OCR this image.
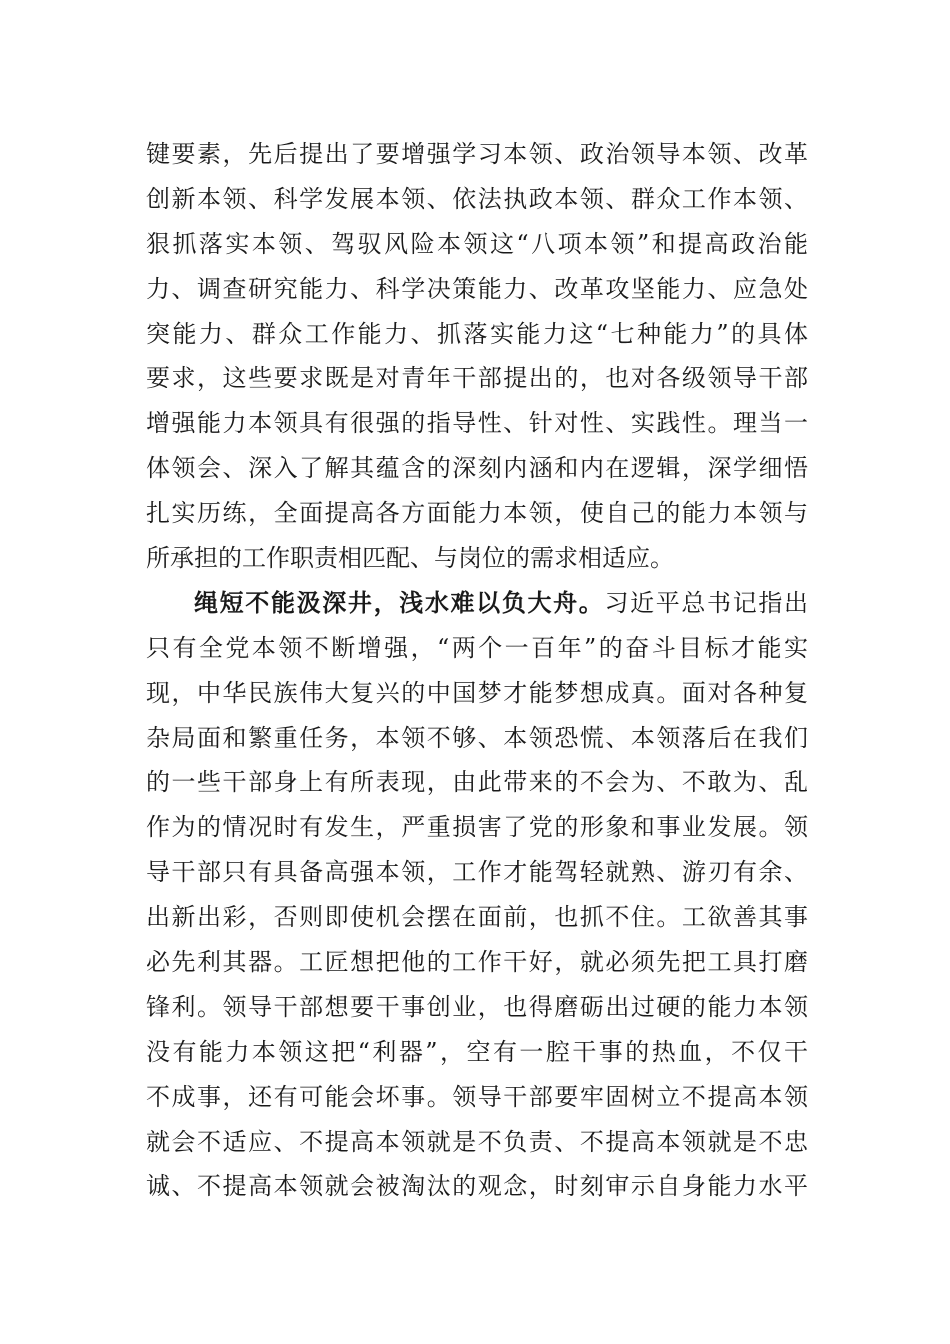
键要素，先后提出了要增强学习本领、政治领导本领、改革
创新本领、科学发展本领、依法执政本领、群众工作本领、
狠抓落实本领、驾驭风险本领这“八项本领”和提高政治能
力、调查研究能力、科学决策能力、改革攻坚能力、应急处
突能力、群众工作能力、抓落实能力这“七种能力”的具体
要求，这些要求既是对青年干部提出的，也对各级领导干部
增强能力本领具有很强的指导性、针对性、实践性。理当一
体领会、深入了解其蕴含的深刻内涵和内在逻辑，深学细悟
扎实历练，全面提高各方面能力本领，使自己的能力本领与
所承担的工作职责相匹配、与岗位的需求相适应。
绳短不能汲深井，浅水难以负大舟。习近平总书记指出
只有全党本领不断增强，“两个一百年”的奋斗目标才能实
现，中华民族伟大复兴的中国梦才能梦想成真。面对各种复
杂局面和繁重任务，本领不够、本领恐慌、本领落后在我们
的一些干部身上有所表现，由此带来的不会为、不敢为、乱
作为的情况时有发生，严重损害了党的形象和事业发展。领
导干部只有具备高强本领，工作才能驾轻就熟、游刃有余、
出新出彩，否则即使机会摆在面前，也抓不住。工欲善其事
必先利其器。工匠想把他的工作干好，就必须先把工具打磨
锋利。领导干部想要干事创业，也得磨砺出过硬的能力本领
没有能力本领这把“利器”，空有一腔干事的热血，不仅干
不成事，还有可能会坏事。领导干部要牢固树立不提高本领
就会不适应、不提高本领就是不负责、不提高本领就是不忠
诚、不提高本领就会被淘汰的观念，时刻审示自身能力水平
